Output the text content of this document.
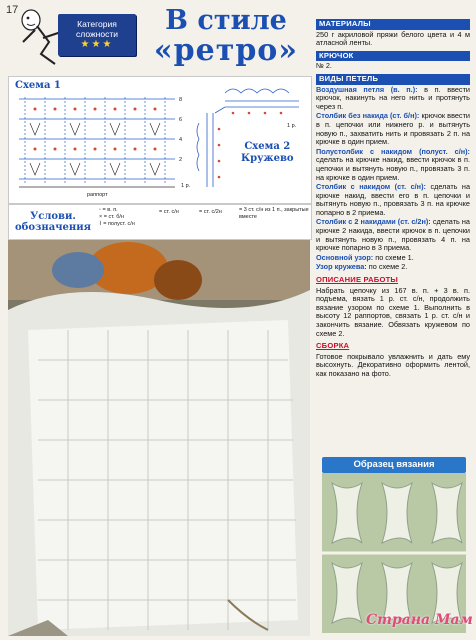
17
Категория сложности
★★★
В стиле
«ретро»
Схема 1
8
6
4
2
1 р.
раппорт
1 р.
Схема 2
Кружево
Услови.
обозначения
◦ = в. п.
× = ст. б/н
⌇ = полуст. с/н
= ст. с/н	= ст. с/2н	= 3 ст. с/н из 1 п., закрытые вместе
МАТЕРИАЛЫ
250 г акриловой пряжи белого цвета и 4 м атласной ленты.
КРЮЧОК
№ 2.
ВИДЫ ПЕТЕЛЬ
Воздушная петля (в. п.): в п. ввести крючок, накинуть на него нить и протянуть через п.
Столбик без накида (ст. б/н): крючок ввести в п. цепочки или нижнего р. и вытянуть новую п., захватить нить и провязать 2 п. на крючке в один прием.
Полустолбик с накидом (полуст. с/н): сделать на крючке накид, ввести крючок в п. цепочки и вытянуть новую п., провязать 3 п. на крючке в один прием.
Столбик с накидом (ст. с/н): сделать на крючке накид, ввести его в п. цепочки и вытянуть новую п., провязать 3 п. на крючке попарно в 2 приема.
Столбик с 2 накидами (ст. с/2н): сделать на крючке 2 накида, ввести крючок в п. цепочки и вытянуть новую п., провязать 4 п. на крючке попарно в 3 приема.
Основной узор: по схеме 1.
Узор кружева: по схеме 2.
ОПИСАНИЕ РАБОТЫ
Набрать цепочку из 167 в. п. + 3 в. п. подъема, вязать 1 р. ст. с/н, продолжить вязание узором по схеме 1. Выполнить в высоту 12 раппортов, связать 1 р. ст. с/н и закончить вязание. Обвязать кружевом по схеме 2.
СБОРКА
Готовое покрывало увлажнить и дать ему высохнуть. Декоративно оформить лентой, как показано на фото.
Образец вязания
Страна Мам
